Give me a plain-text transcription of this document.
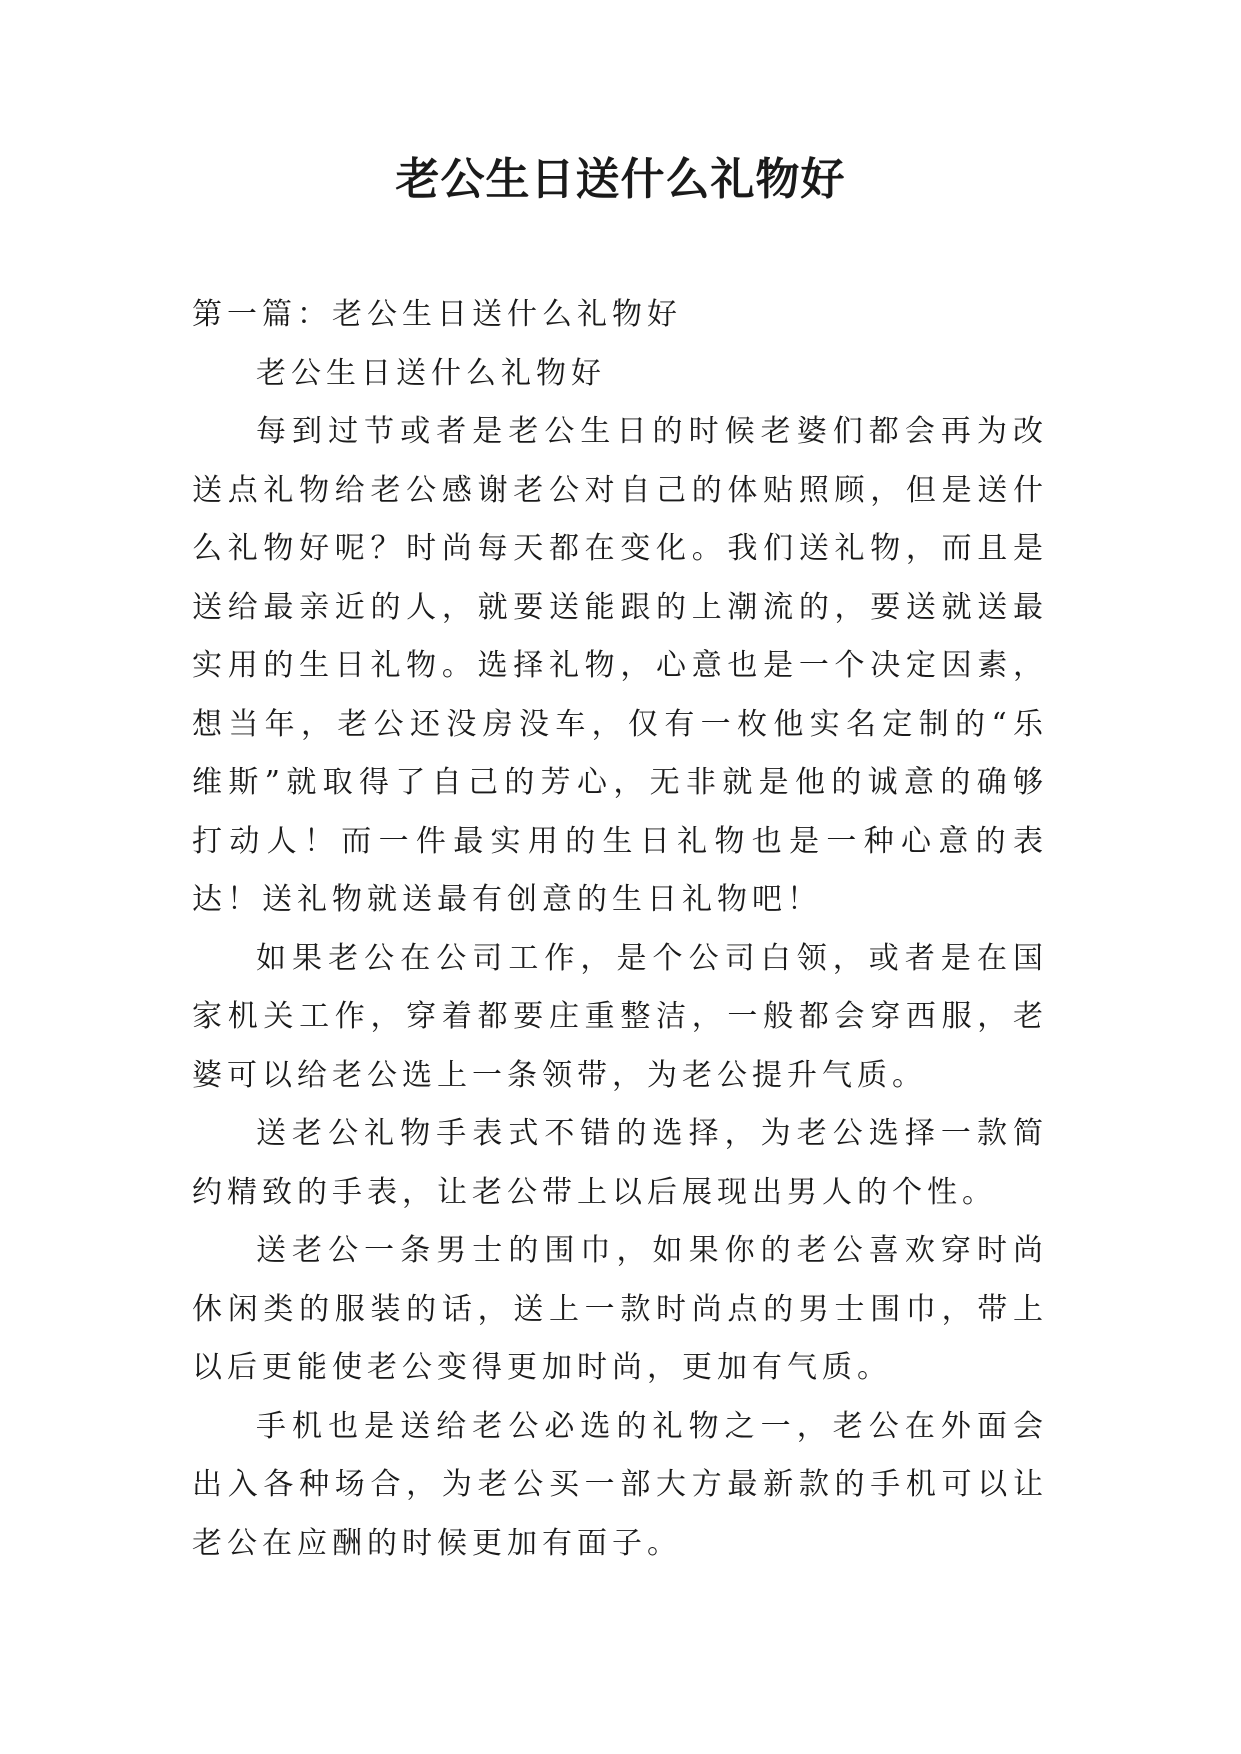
老公生日送什么礼物好

第一篇：老公生日送什么礼物好

老公生日送什么礼物好

每到过节或者是老公生日的时候老婆们都会再为改送点礼物给老公感谢老公对自己的体贴照顾，但是送什么礼物好呢？时尚每天都在变化。我们送礼物，而且是送给最亲近的人，就要送能跟的上潮流的，要送就送最实用的生日礼物。选择礼物，心意也是一个决定因素，想当年，老公还没房没车，仅有一枚他实名定制的“乐维斯”就取得了自己的芳心，无非就是他的诚意的确够打动人！而一件最实用的生日礼物也是一种心意的表达！送礼物就送最有创意的生日礼物吧！

如果老公在公司工作，是个公司白领，或者是在国家机关工作，穿着都要庄重整洁，一般都会穿西服，老婆可以给老公选上一条领带，为老公提升气质。

送老公礼物手表式不错的选择，为老公选择一款简约精致的手表，让老公带上以后展现出男人的个性。

送老公一条男士的围巾，如果你的老公喜欢穿时尚休闲类的服装的话，送上一款时尚点的男士围巾，带上以后更能使老公变得更加时尚，更加有气质。

手机也是送给老公必选的礼物之一，老公在外面会出入各种场合，为老公买一部大方最新款的手机可以让老公在应酬的时候更加有面子。
